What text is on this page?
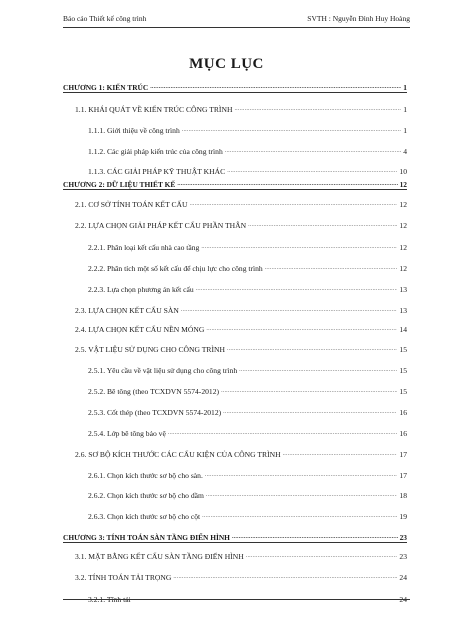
Báo cáo Thiết kế công trình	SVTH : Nguyễn Đình Huy Hoàng
MỤC LỤC
CHƯƠNG 1: KIẾN TRÚC .....	1
1.1. KHÁI QUÁT VỀ KIẾN TRÚC CÔNG TRÌNH .....	1
1.1.1. Giới thiệu về công trình .....	1
1.1.2. Các giải pháp kiến trúc của công trình .....	4
1.1.3. CÁC GIẢI PHÁP KỸ THUẬT KHÁC .....	10
CHƯƠNG 2: DỮ LIỆU THIẾT KẾ .....	12
2.1. CƠ SỞ TÍNH TOÁN KẾT CẤU .....	12
2.2. LỰA CHỌN GIẢI PHÁP KẾT CẤU PHẦN THÂN .....	12
2.2.1. Phân loại kết cấu nhà cao tầng .....	12
2.2.2. Phân tích một số kết cấu để chịu lực cho công trình .....	12
2.2.3. Lựa chọn phương án kết cấu .....	13
2.3. LỰA CHỌN KẾT CẤU SÀN .....	13
2.4. LỰA CHỌN KẾT CẤU NỀN MÓNG .....	14
2.5. VẬT LIỆU SỬ DỤNG CHO CÔNG TRÌNH .....	15
2.5.1. Yêu cầu về vật liệu sử dụng cho công trình .....	15
2.5.2. Bê tông (theo TCXDVN 5574-2012) .....	15
2.5.3. Cốt thép (theo TCXDVN 5574-2012) .....	16
2.5.4. Lớp bê tông bảo vệ .....	16
2.6. SƠ BỘ KÍCH THƯỚC CÁC CẤU KIỆN CỦA CÔNG TRÌNH .....	17
2.6.1. Chọn kích thước sơ bộ cho sàn. .....	17
2.6.2. Chọn kích thước sơ bộ cho dầm .....	18
2.6.3. Chọn kích thước sơ bộ cho cột .....	19
CHƯƠNG 3: TÍNH TOÁN SÀN TẦNG ĐIỂN HÌNH .....	23
3.1. MẶT BẰNG KẾT CẤU SÀN TẦNG ĐIỂN HÌNH .....	23
3.2. TÍNH TOÁN TẢI TRỌNG .....	24
3.2.1. Tĩnh tải .....	24
